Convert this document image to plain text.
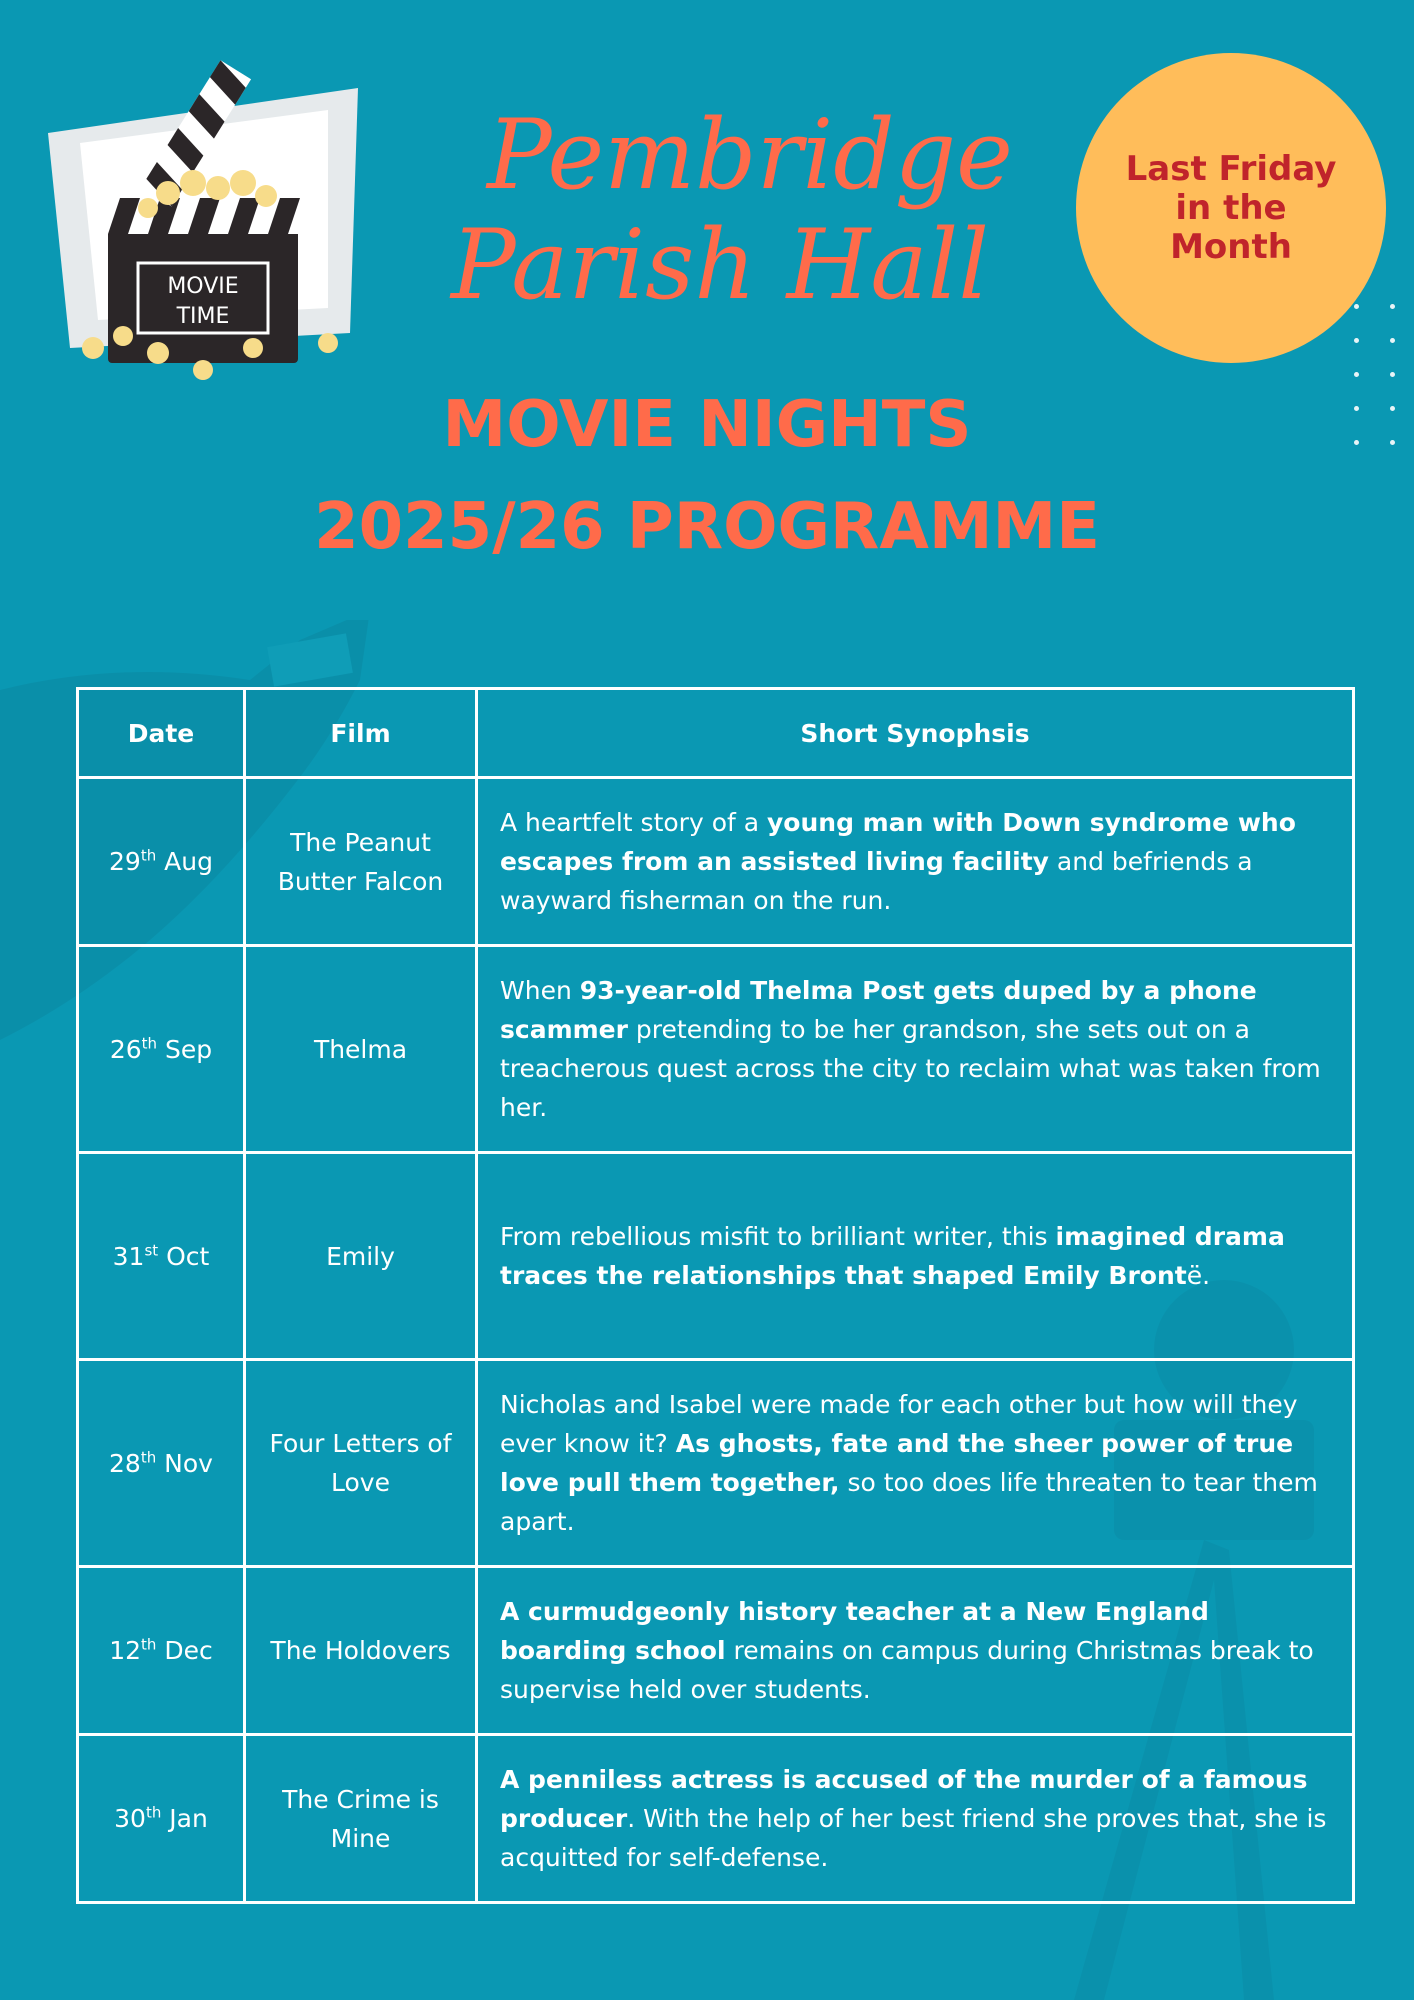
MOVIE
TIME
Pembridge
Parish Hall
Last Friday
in the
Month
MOVIE NIGHTS
2025/26 PROGRAMME
Date	Film	Short Synophsis
29th Aug	The Peanut Butter Falcon	A heartfelt story of a young man with Down syndrome who escapes from an assisted living facility and befriends a wayward fisherman on the run.
26th Sep	Thelma	When 93-year-old Thelma Post gets duped by a phone scammer pretending to be her grandson, she sets out on a treacherous quest across the city to reclaim what was taken from her.
31st Oct	Emily	From rebellious misfit to brilliant writer, this imagined drama traces the relationships that shaped Emily Brontë.
28th Nov	Four Letters of Love	Nicholas and Isabel were made for each other but how will they ever know it? As ghosts, fate and the sheer power of true love pull them together, so too does life threaten to tear them apart.
12th Dec	The Holdovers	A curmudgeonly history teacher at a New England boarding school remains on campus during Christmas break to supervise held over students.
30th Jan	The Crime is Mine	A penniless actress is accused of the murder of a famous producer. With the help of her best friend she proves that, she is acquitted for self-defense.
